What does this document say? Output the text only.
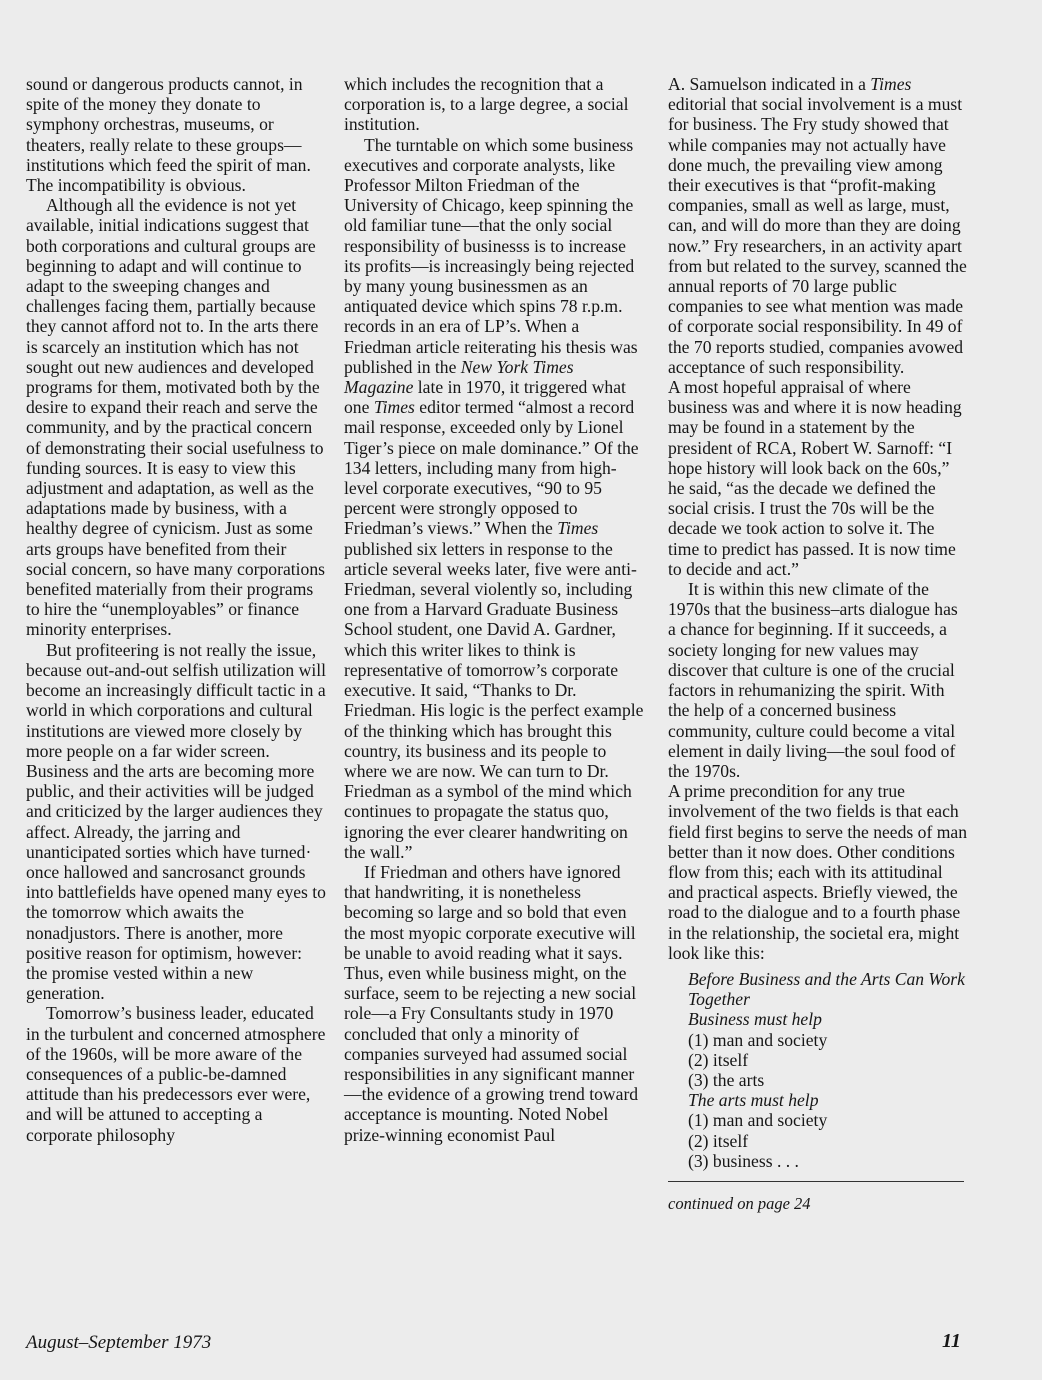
sound or dangerous products cannot, in spite of the money they donate to symphony orchestras, museums, or theaters, really relate to these groups—institutions which feed the spirit of man. The incompatibility is obvious.

Although all the evidence is not yet available, initial indications suggest that both corporations and cultural groups are beginning to adapt and will continue to adapt to the sweeping changes and challenges facing them, partially because they cannot afford not to. In the arts there is scarcely an institution which has not sought out new audiences and developed programs for them, motivated both by the desire to expand their reach and serve the community, and by the practical concern of demonstrating their social usefulness to funding sources. It is easy to view this adjustment and adaptation, as well as the adaptations made by business, with a healthy degree of cynicism. Just as some arts groups have benefited from their social concern, so have many corporations benefited materially from their programs to hire the “unemployables” or finance minority enterprises.

But profiteering is not really the issue, because out-and-out selfish utilization will become an increasingly difficult tactic in a world in which corporations and cultural institutions are viewed more closely by more people on a far wider screen. Business and the arts are becoming more public, and their activities will be judged and criticized by the larger audiences they affect. Already, the jarring and unanticipated sorties which have turned· once hallowed and sancrosanct grounds into battlefields have opened many eyes to the tomorrow which awaits the nonadjustors. There is another, more positive reason for optimism, however: the promise vested within a new generation.

Tomorrow’s business leader, educated in the turbulent and concerned atmosphere of the 1960s, will be more aware of the consequences of a public-be-damned attitude than his predecessors ever were, and will be attuned to accepting a corporate philosophy

which includes the recognition that a corporation is, to a large degree, a social institution.

The turntable on which some business executives and corporate analysts, like Professor Milton Friedman of the University of Chicago, keep spinning the old familiar tune—that the only social responsibility of businesss is to increase its profits—is increasingly being rejected by many young businessmen as an antiquated device which spins 78 r.p.m. records in an era of LP’s. When a Friedman article reiterating his thesis was published in the New York Times Magazine late in 1970, it triggered what one Times editor termed “almost a record mail response, exceeded only by Lionel Tiger’s piece on male dominance.” Of the 134 letters, including many from high-level corporate executives, “90 to 95 percent were strongly opposed to Friedman’s views.” When the Times published six letters in response to the article several weeks later, five were anti-Friedman, several violently so, including one from a Harvard Graduate Business School student, one David A. Gardner, which this writer likes to think is representative of tomorrow’s corporate executive. It said, “Thanks to Dr. Friedman. His logic is the perfect example of the thinking which has brought this country, its business and its people to where we are now. We can turn to Dr. Friedman as a symbol of the mind which continues to propagate the status quo, ignoring the ever clearer handwriting on the wall.”

If Friedman and others have ignored that handwriting, it is nonetheless becoming so large and so bold that even the most myopic corporate executive will be unable to avoid reading what it says. Thus, even while business might, on the surface, seem to be rejecting a new social role—a Fry Consultants study in 1970 concluded that only a minority of companies surveyed had assumed social responsibilities in any significant manner—the evidence of a growing trend toward acceptance is mounting. Noted Nobel prize-winning economist Paul

A. Samuelson indicated in a Times editorial that social involvement is a must for business. The Fry study showed that while companies may not actually have done much, the prevailing view among their executives is that “profit-making companies, small as well as large, must, can, and will do more than they are doing now.” Fry researchers, in an activity apart from but related to the survey, scanned the annual reports of 70 large public companies to see what mention was made of corporate social responsibility. In 49 of the 70 reports studied, companies avowed acceptance of such responsibility.

A most hopeful appraisal of where business was and where it is now heading may be found in a statement by the president of RCA, Robert W. Sarnoff: “I hope history will look back on the 60s,” he said, “as the decade we defined the social crisis. I trust the 70s will be the decade we took action to solve it. The time to predict has passed. It is now time to decide and act.”

It is within this new climate of the 1970s that the business–arts dialogue has a chance for beginning. If it succeeds, a society longing for new values may discover that culture is one of the crucial factors in rehumanizing the spirit. With the help of a concerned business community, culture could become a vital element in daily living—the soul food of the 1970s.

A prime precondition for any true involvement of the two fields is that each field first begins to serve the needs of man better than it now does. Other conditions flow from this; each with its attitudinal and practical aspects. Briefly viewed, the road to the dialogue and to a fourth phase in the relationship, the societal era, might look like this:

Before Business and the Arts Can Work Together

Business must help

(1) man and society

(2) itself

(3) the arts

The arts must help

(1) man and society

(2) itself

(3) business . . .

continued on page 24

August–September 1973	11
